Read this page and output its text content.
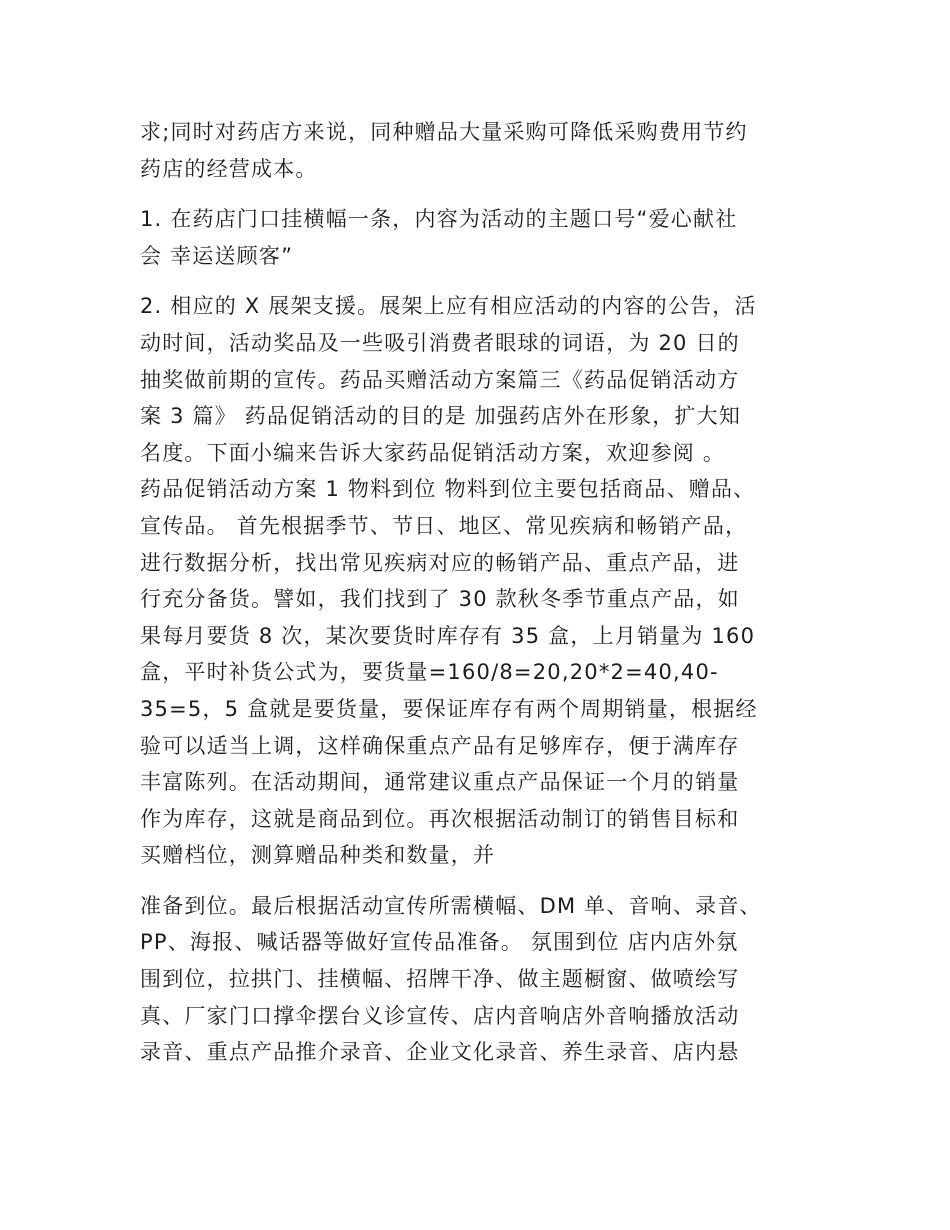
求;同时对药店方来说，同种赠品大量采购可降低采购费用节约
药店的经营成本。

1. 在药店门口挂横幅一条，内容为活动的主题口号“爱心献社
会 幸运送顾客”

2. 相应的 X 展架支援。展架上应有相应活动的内容的公告，活
动时间，活动奖品及一些吸引消费者眼球的词语，为 20 日的
抽奖做前期的宣传。药品买赠活动方案篇三《药品促销活动方
案 3 篇》 药品促销活动的目的是 加强药店外在形象，扩大知
名度。下面小编来告诉大家药品促销活动方案，欢迎参阅 。
药品促销活动方案 1 物料到位 物料到位主要包括商品、赠品、
宣传品。 首先根据季节、节日、地区、常见疾病和畅销产品，
进行数据分析，找出常见疾病对应的畅销产品、重点产品，进
行充分备货。譬如，我们找到了 30 款秋冬季节重点产品，如
果每月要货 8 次，某次要货时库存有 35 盒，上月销量为 160
盒，平时补货公式为，要货量=160/8=20,20*2=40,40-
35=5，5 盒就是要货量，要保证库存有两个周期销量，根据经
验可以适当上调，这样确保重点产品有足够库存，便于满库存
丰富陈列。在活动期间，通常建议重点产品保证一个月的销量
作为库存，这就是商品到位。再次根据活动制订的销售目标和
买赠档位，测算赠品种类和数量，并

准备到位。最后根据活动宣传所需横幅、DM 单、音响、录音、
PP、海报、喊话器等做好宣传品准备。 氛围到位 店内店外氛
围到位，拉拱门、挂横幅、招牌干净、做主题橱窗、做喷绘写
真、厂家门口撑伞摆台义诊宣传、店内音响店外音响播放活动
录音、重点产品推介录音、企业文化录音、养生录音、店内悬
